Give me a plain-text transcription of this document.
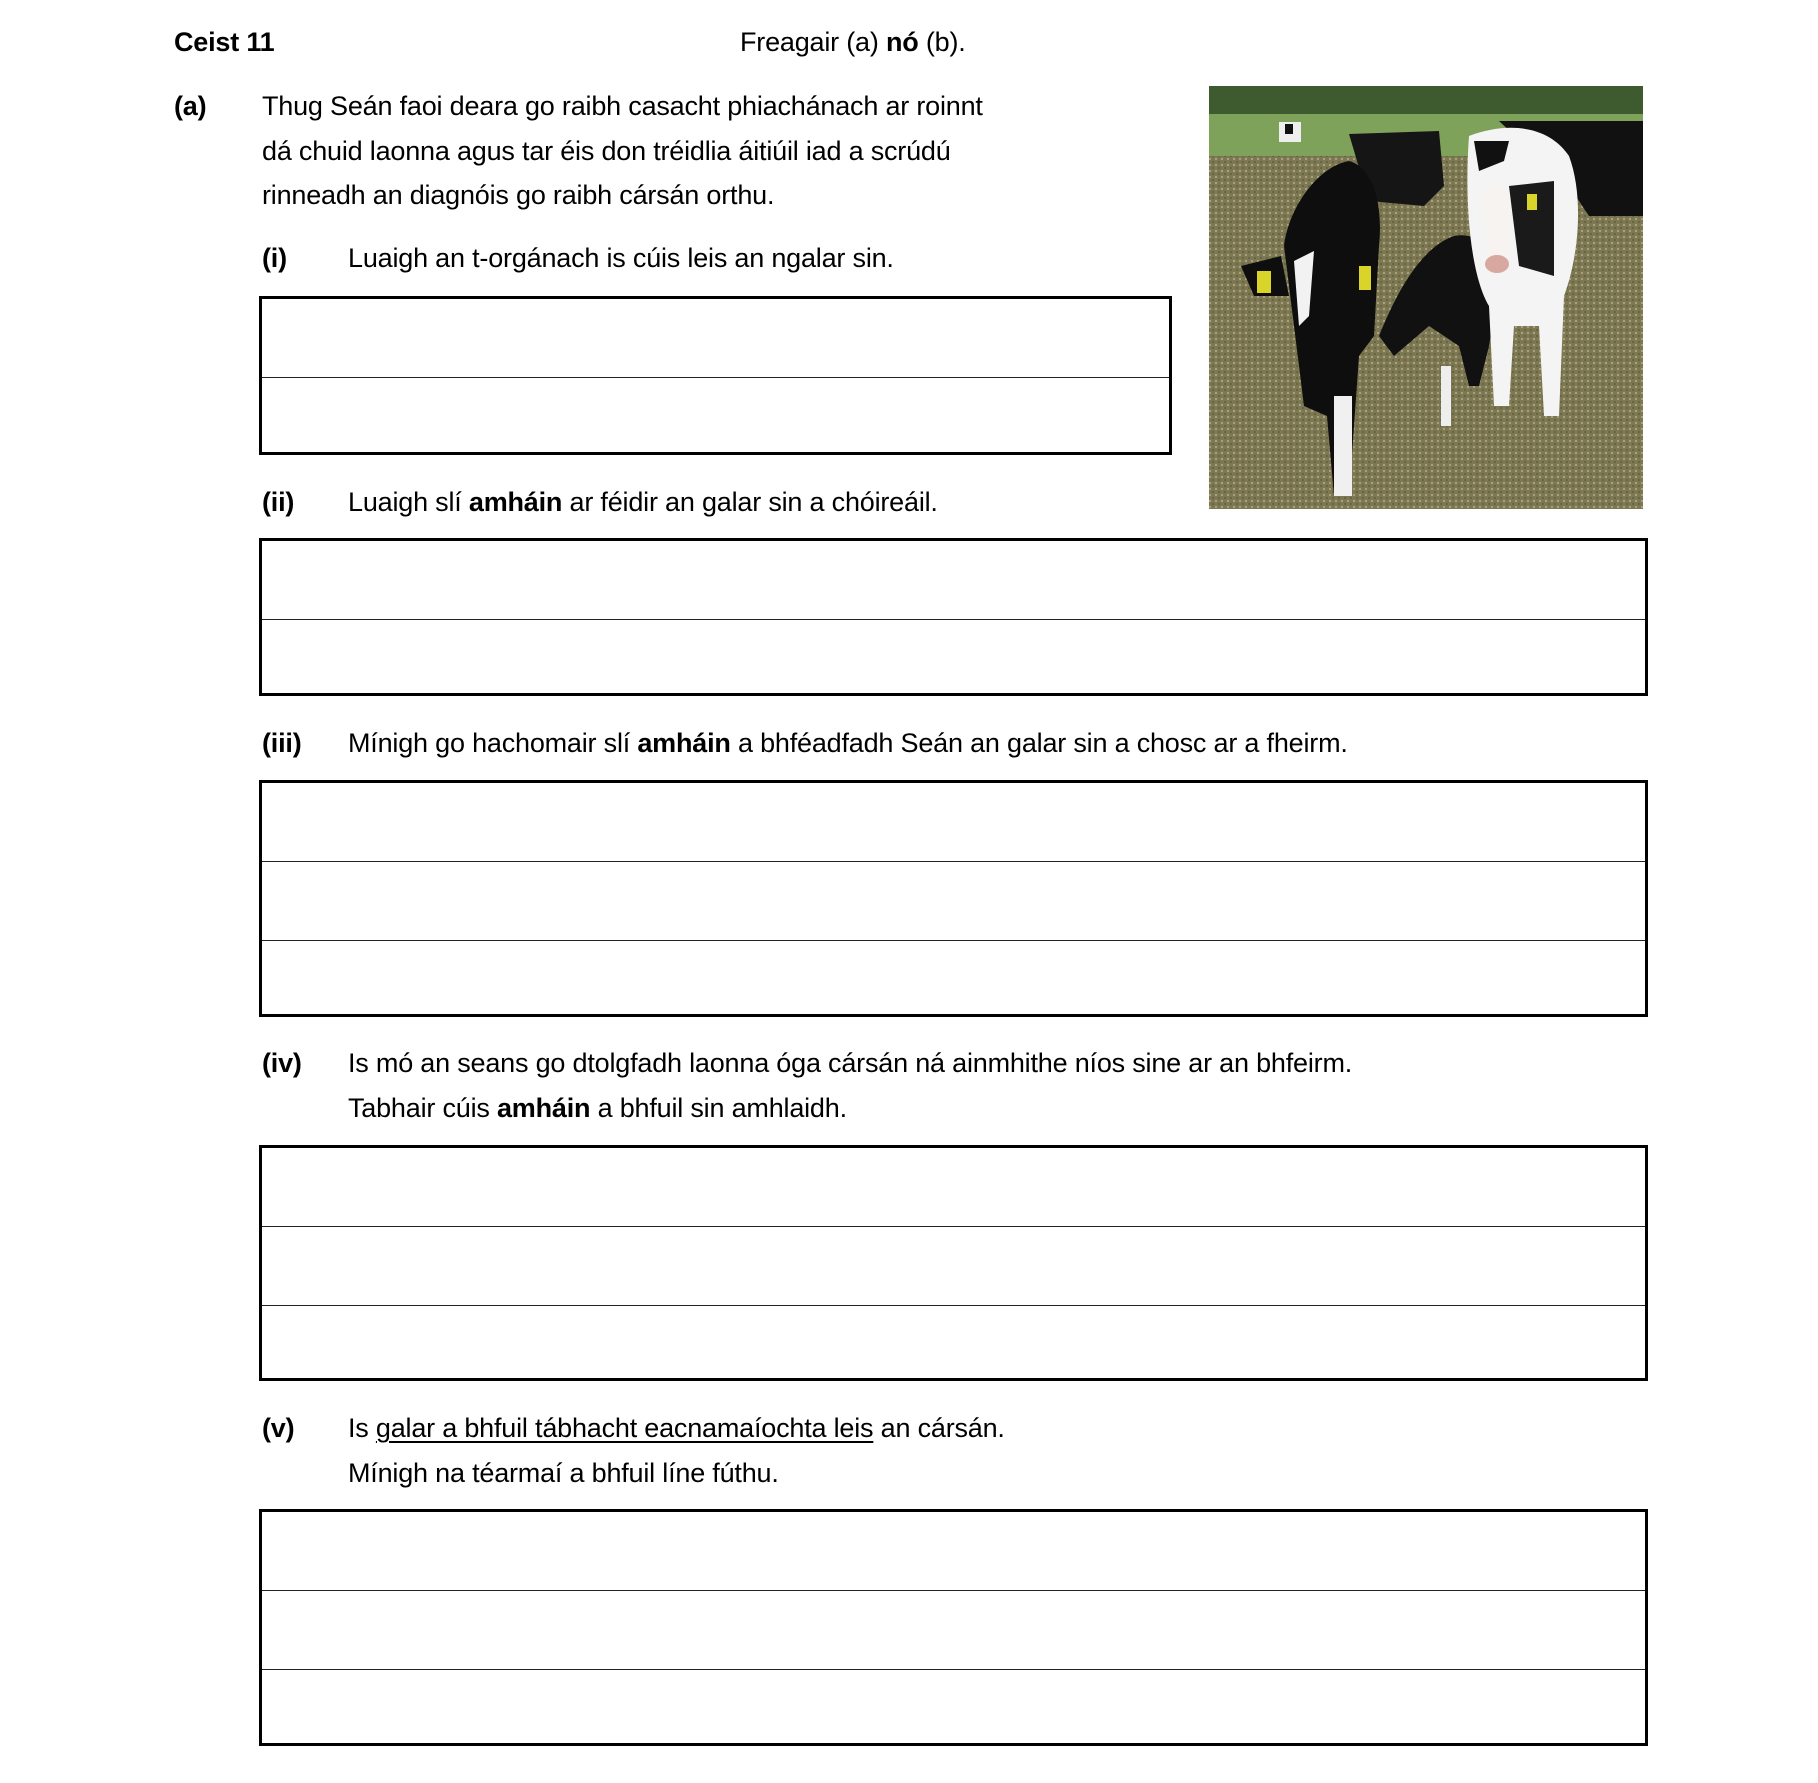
Ceist 11	Freagair (a) nó (b).
(a) Thug Seán faoi deara go raibh casacht phiachánach ar roinnt
dá chuid laonna agus tar éis don tréidlia áitiúil iad a scrúdú
rinneadh an diagnóis go raibh cársán orthu.
(i) Luaigh an t-orgánach is cúis leis an ngalar sin.
(ii) Luaigh slí amháin ar féidir an galar sin a chóireáil.
(iii) Mínigh go hachomair slí amháin a bhféadfadh Seán an galar sin a chosc ar a fheirm.
(iv) Is mó an seans go dtolgfadh laonna óga cársán ná ainmhithe níos sine ar an bhfeirm.
Tabhair cúis amháin a bhfuil sin amhlaidh.
(v) Is galar a bhfuil tábhacht eacnamaíochta leis an cársán.
Mínigh na téarmaí a bhfuil líne fúthu.
